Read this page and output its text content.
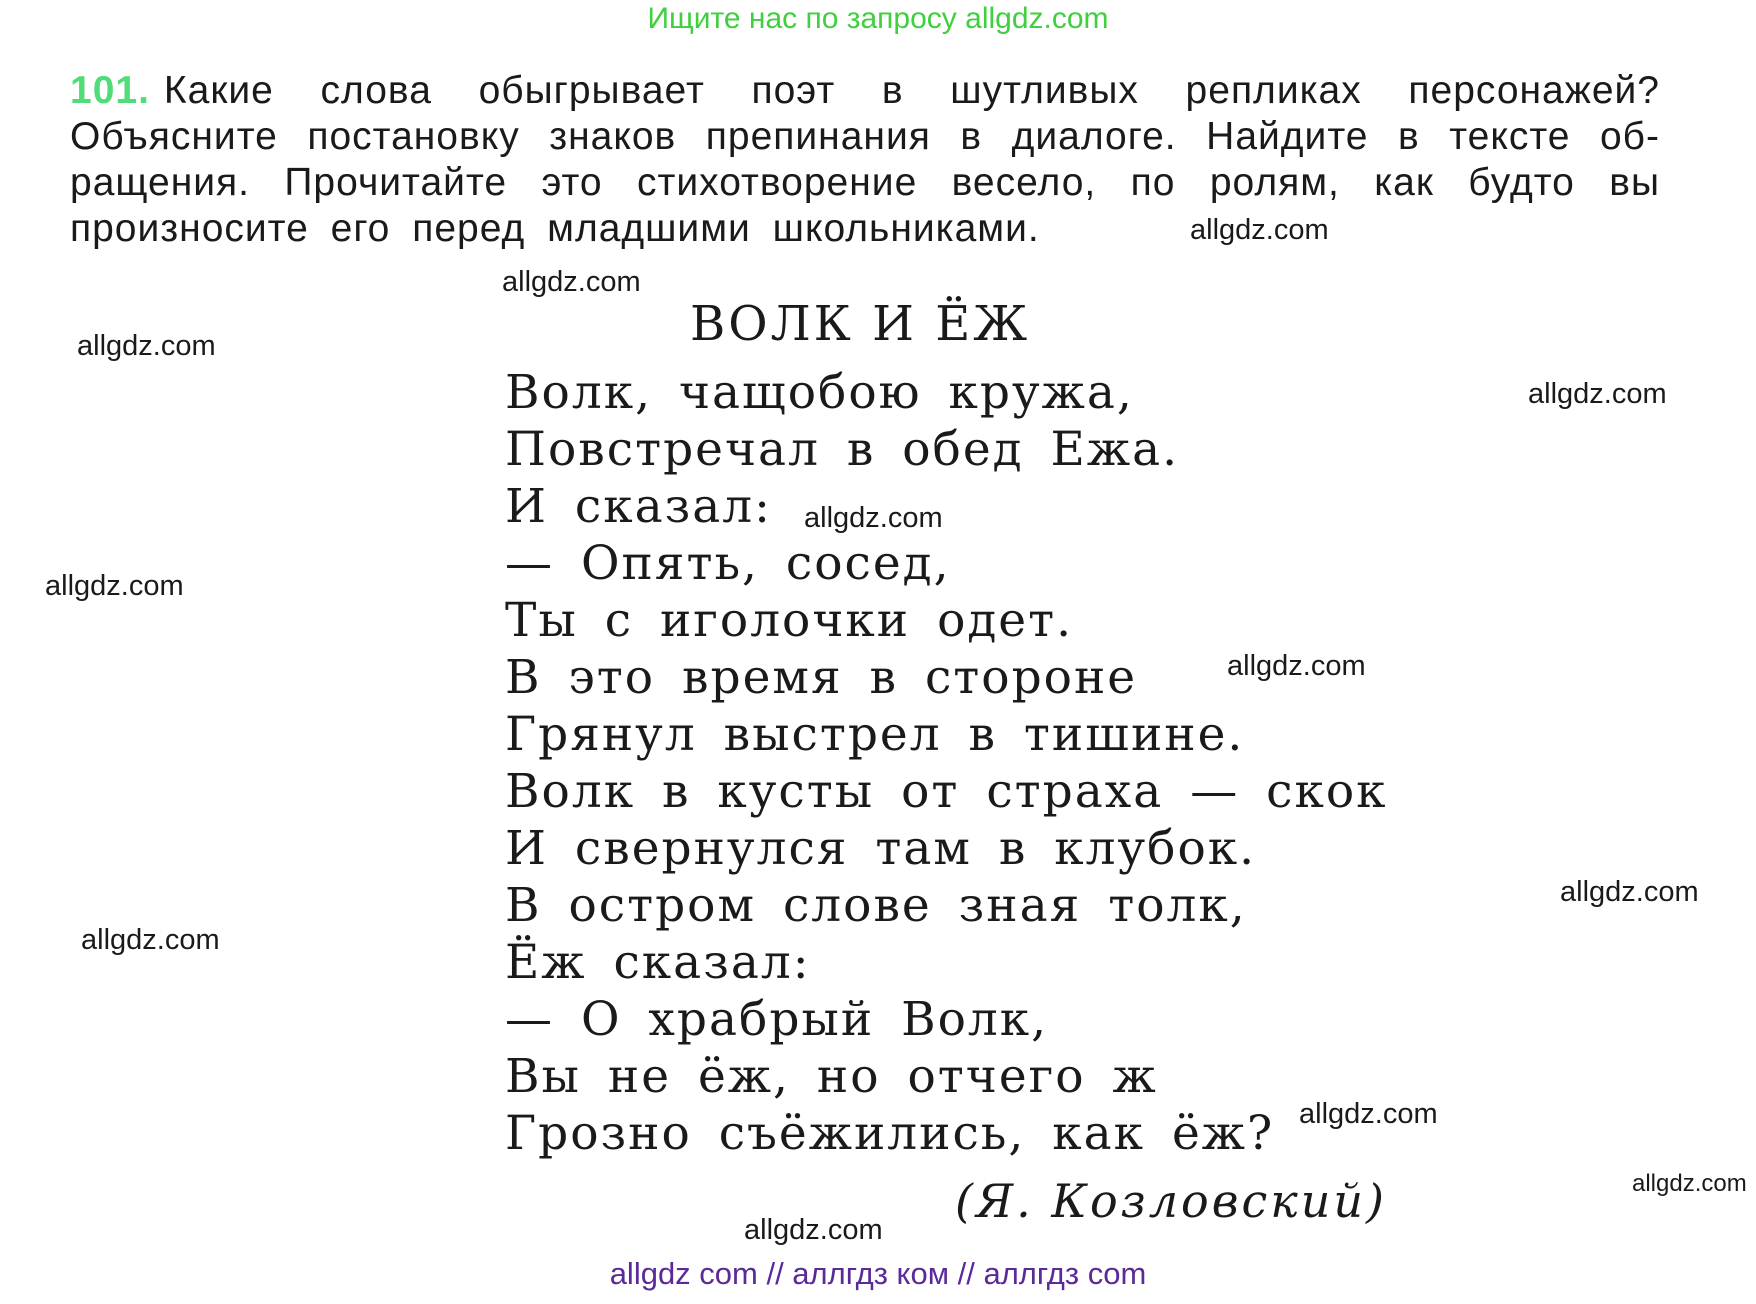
Ищите нас по запросу allgdz.com
101. Какие слова обыгрывает поэт в шутливых репликах персонажей?
Объясните постановку знаков препинания в диалоге. Найдите в тексте об-
ращения. Прочитайте это стихотворение весело, по ролям, как будто вы
произносите его перед младшими школьниками.
ВОЛК И ЁЖ
Волк, чащобою кружа,
Повстречал в обед Ежа.
И сказал:
— Опять, сосед,
Ты с иголочки одет.
В это время в стороне
Грянул выстрел в тишине.
Волк в кусты от страха — скок
И свернулся там в клубок.
В остром слове зная толк,
Ёж сказал:
— О храбрый Волк,
Вы не ёж, но отчего ж
Грозно съёжились, как ёж?
(Я. Козловский)
allgdz.com
allgdz.com
allgdz.com
allgdz.com
allgdz.com
allgdz.com
allgdz.com
allgdz.com
allgdz.com
allgdz.com
allgdz.com
allgdz.com
allgdz com // аллгдз ком // аллгдз com
